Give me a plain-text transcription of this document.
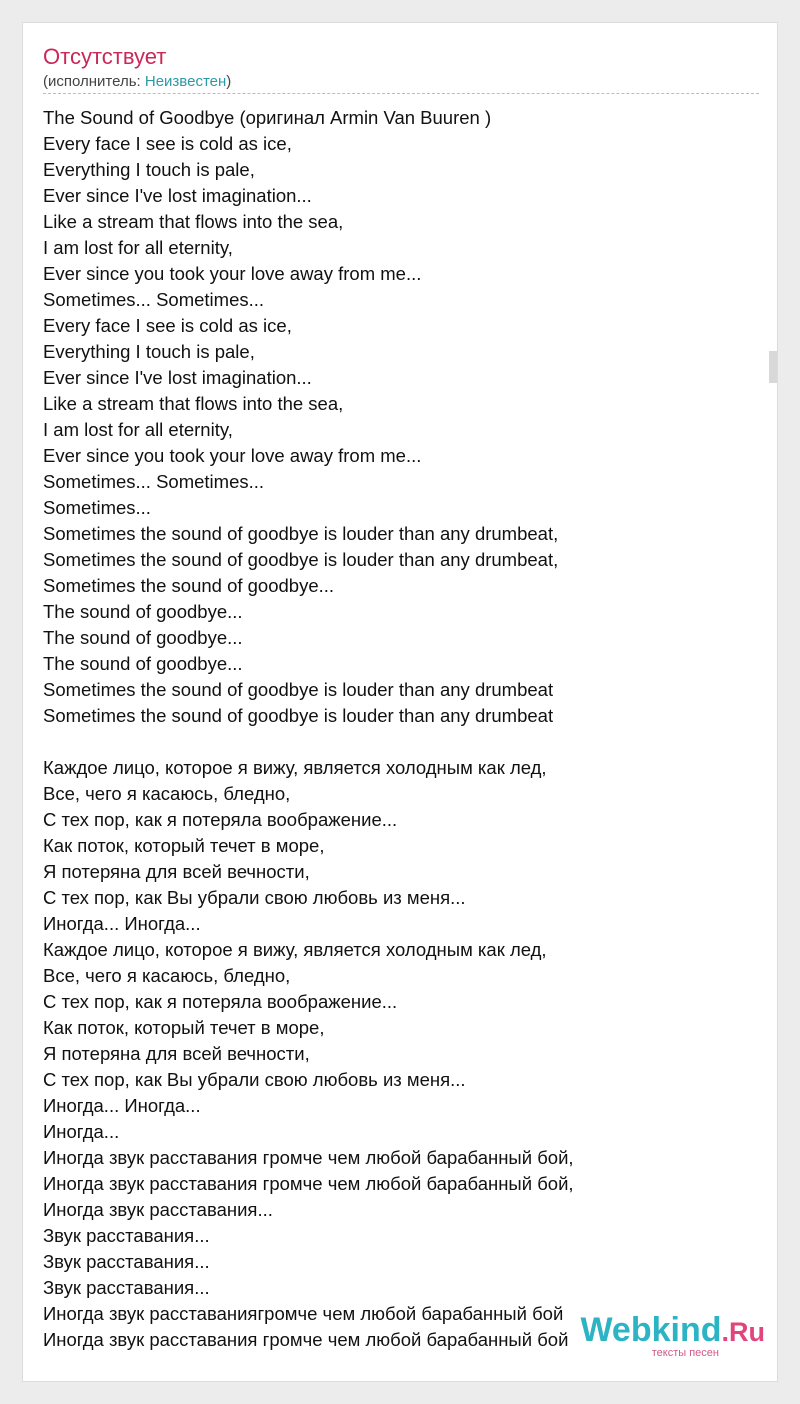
Отсутствует
(исполнитель: Неизвестен)
The Sound of Goodbye (оригинал Armin Van Buuren )
Every face I see is cold as ice,
Everything I touch is pale,
Ever since I've lost imagination...
Like a stream that flows into the sea,
I am lost for all eternity,
Ever since you took your love away from me...
Sometimes... Sometimes...
Every face I see is cold as ice,
Everything I touch is pale,
Ever since I've lost imagination...
Like a stream that flows into the sea,
I am lost for all eternity,
Ever since you took your love away from me...
Sometimes... Sometimes...
Sometimes...
Sometimes the sound of goodbye is louder than any drumbeat,
Sometimes the sound of goodbye is louder than any drumbeat,
Sometimes the sound of goodbye...
The sound of goodbye...
The sound of goodbye...
The sound of goodbye...
Sometimes the sound of goodbye is louder than any drumbeat
Sometimes the sound of goodbye is louder than any drumbeat
Каждое лицо, которое я вижу, является холодным как лед,
Все, чего я касаюсь, бледно,
С тех пор, как я потеряла воображение...
Как поток, который течет в море,
Я потеряна для всей вечности,
С тех пор, как Вы убрали свою любовь из меня...
Иногда... Иногда...
Каждое лицо, которое я вижу, является холодным как лед,
Все, чего я касаюсь, бледно,
С тех пор, как я потеряла воображение...
Как поток, который течет в море,
Я потеряна для всей вечности,
С тех пор, как Вы убрали свою любовь из меня...
Иногда... Иногда...
Иногда...
Иногда звук расставания громче чем любой барабанный бой,
Иногда звук расставания громче чем любой барабанный бой,
Иногда звук расставания...
Звук расставания...
Звук расставания...
Звук расставания...
Иногда звук расставаниягромче чем любой барабанный бой
Иногда звук расставания громче чем любой барабанный бой Webkind.Ru
тексты песен
